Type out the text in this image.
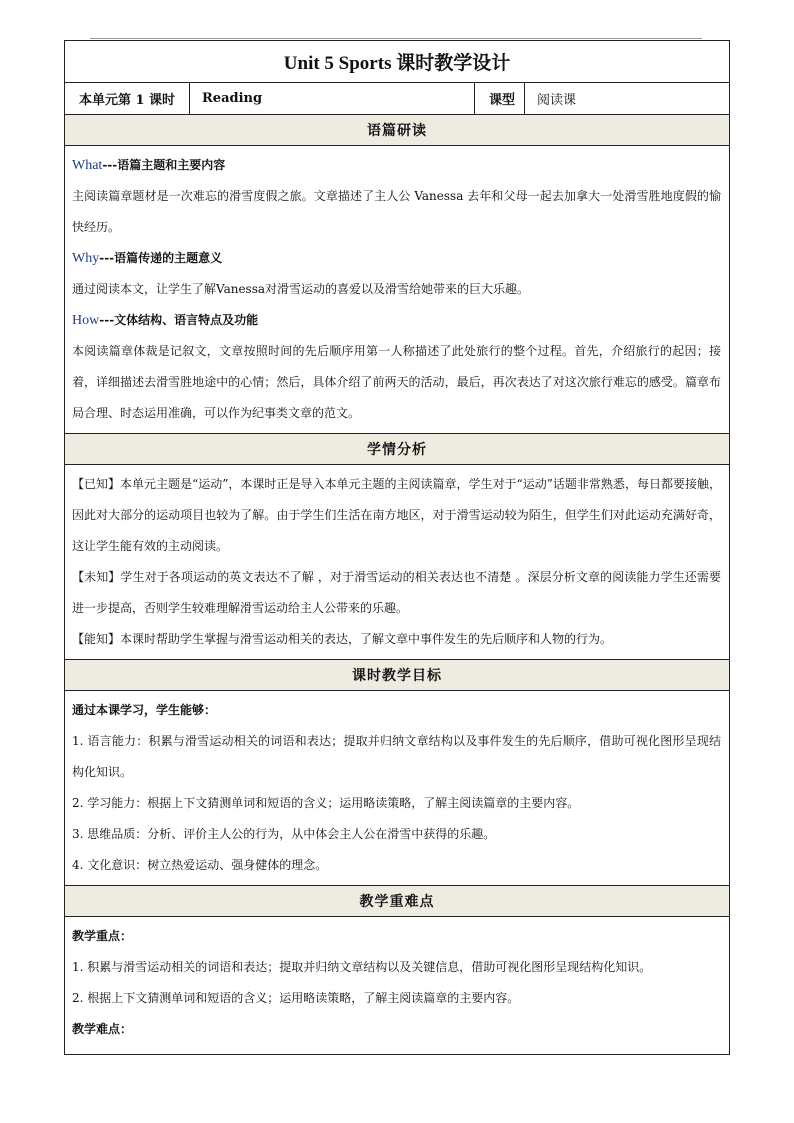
Unit 5 Sports 课时教学设计
本单元第 1 课时	Reading	课型	阅读课
语篇研读

What---语篇主题和主要内容

主阅读篇章题材是一次难忘的滑雪度假之旅。文章描述了主人公 Vanessa 去年和父母一起去加拿大一处滑雪胜地度假的愉快经历。

Why---语篇传递的主题意义

通过阅读本文，让学生了解Vanessa对滑雪运动的喜爱以及滑雪给她带来的巨大乐趣。

How---文体结构、语言特点及功能

本阅读篇章体裁是记叙文，文章按照时间的先后顺序用第一人称描述了此处旅行的整个过程。首先，介绍旅行的起因；接着，详细描述去滑雪胜地途中的心情；然后，具体介绍了前两天的活动，最后，再次表达了对这次旅行难忘的感受。篇章布局合理、时态运用准确，可以作为纪事类文章的范文。

学情分析

【已知】本单元主题是“运动”，本课时正是导入本单元主题的主阅读篇章，学生对于“运动”话题非常熟悉，每日都要接触，因此对大部分的运动项目也较为了解。由于学生们生活在南方地区，对于滑雪运动较为陌生，但学生们对此运动充满好奇，这让学生能有效的主动阅读。

【未知】学生对于各项运动的英文表达不了解 ，对于滑雪运动的相关表达也不清楚 。深层分析文章的阅读能力学生还需要进一步提高，否则学生较难理解滑雪运动给主人公带来的乐趣。

【能知】本课时帮助学生掌握与滑雪运动相关的表达，了解文章中事件发生的先后顺序和人物的行为。

课时教学目标

通过本课学习，学生能够：

1. 语言能力：积累与滑雪运动相关的词语和表达；提取并归纳文章结构以及事件发生的先后顺序，借助可视化图形呈现结构化知识。

2. 学习能力：根据上下文猜测单词和短语的含义；运用略读策略，了解主阅读篇章的主要内容。

3. 思维品质：分析、评价主人公的行为，从中体会主人公在滑雪中获得的乐趣。

4. 文化意识：树立热爱运动、强身健体的理念。

教学重难点

教学重点：

1. 积累与滑雪运动相关的词语和表达；提取并归纳文章结构以及关键信息，借助可视化图形呈现结构化知识。

2. 根据上下文猜测单词和短语的含义；运用略读策略，了解主阅读篇章的主要内容。

教学难点：
